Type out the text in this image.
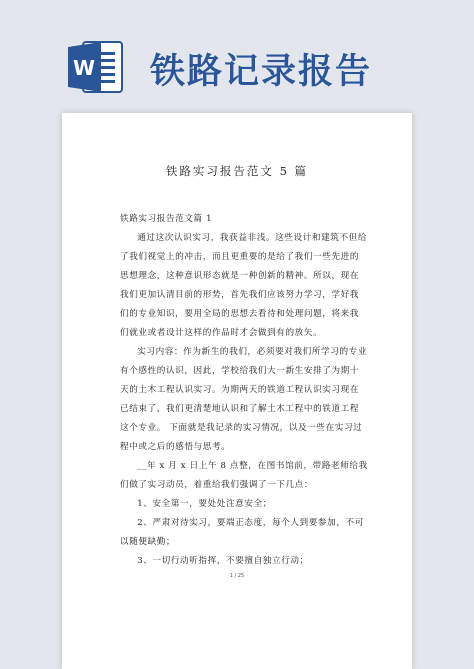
W 铁路记录报告
铁路实习报告范文 5 篇

铁路实习报告范文篇 1

通过这次认识实习，我获益非浅。这些设计和建筑不但给了我们视觉上的冲击，而且更重要的是给了我们一些先进的思想理念，这种意识形态就是一种创新的精神。所以，现在我们更加认清目前的形势，首先我们应该努力学习，学好我们的专业知识，要用全局的思想去看待和处理问题，将来我们就业或者设计这样的作品时才会做到有的放矢。

实习内容：作为新生的我们，必须要对我们所学习的专业有个感性的认识，因此，学校给我们大一新生安排了为期十天的土木工程认识实习。为期两天的铁道工程认识实习现在已结束了，我们更清楚地认识和了解土木工程中的铁道工程这个专业。 下面就是我记录的实习情况，以及一些在实习过程中或之后的感悟与思考。

__年 x 月 x 日上午 8 点整，在图书馆前，带路老师给我们做了实习动员，着重给我们强调了一下几点：

1、安全第一，要处处注意安全；

2、严肃对待实习，要端正态度，每个人到要参加，不可以随便缺勤；

3、一切行动听指挥，不要擅自独立行动；

1 / 25
